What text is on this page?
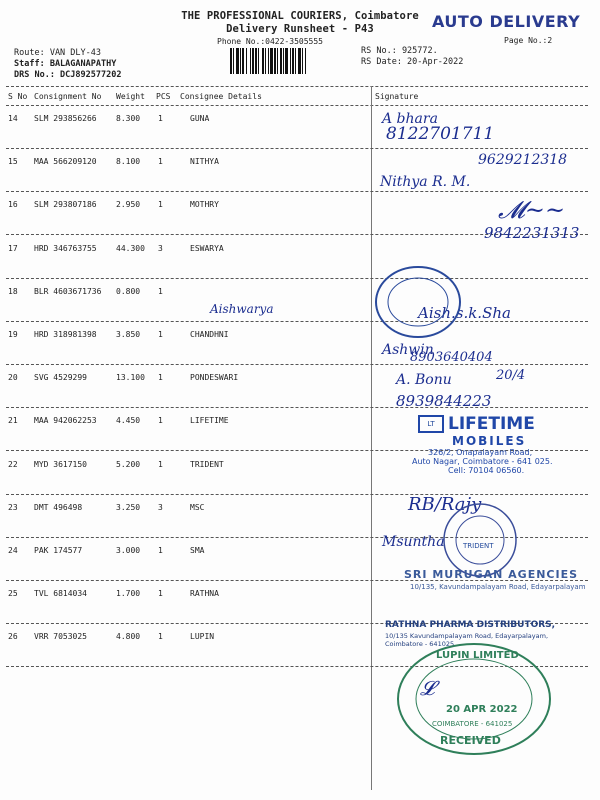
THE PROFESSIONAL COURIERS, Coimbatore
Delivery Runsheet - P43
Phone No.:0422-3505555
AUTO DELIVERY
Page No.:2
Route: VAN DLY-43
Staff: BALAGANAPATHY
DRS No.: DCJ892577202
RS No.: 925772.
RS Date: 20-Apr-2022
S No Consignment No Weight PCS Consignee Details	Signature
14 SLM 293856266 8.300 1	GUNA
15 MAA 566209120 8.100 1	NITHYA
16 SLM 293807186 2.950 1	MOTHRY
17 HRD 346763755 44.300 3	ESWARYA
18 BLR 4603671736 0.800 1
19 HRD 318981398 3.850 1	CHANDHNI
20 SVG 4529299	13.100 1	PONDESWARI
21 MAA 942062253 4.450 1	LIFETIME
22 MYD 3617150	5.200 1	TRIDENT
23 DMT 496498	3.250 3	MSC
24 PAK 174577	3.000 1	SMA
25 TVL 6814034	1.700 1	RATHNA
26 VRR 7053025	4.800 1	LUPIN
A bhara
8122701711
9629212318
Nithya R. M.
𝓜~~
9842231313
Aishwarya	Aish.s.k.Sha
Ashwin
8903640404
A. Bonu	20/4
8939844223
RB/Rajy
Msuntha
𝓛
LT LIFETIME
MOBILES
326/2, Onapalayam Road,
Auto Nagar, Coimbatore - 641 025.
Cell: 70104 06560.
TRIDENT
SRI MURUGAN AGENCIES
10/135, Kavundampalayam Road, Edayarpalayam
RATHNA PHARMA DISTRIBUTORS,
10/135 Kavundampalayam Road, Edayarpalayam, Coimbatore - 641025
LUPIN LIMITED
20 APR 2022
COIMBATORE - 641025
RECEIVED
